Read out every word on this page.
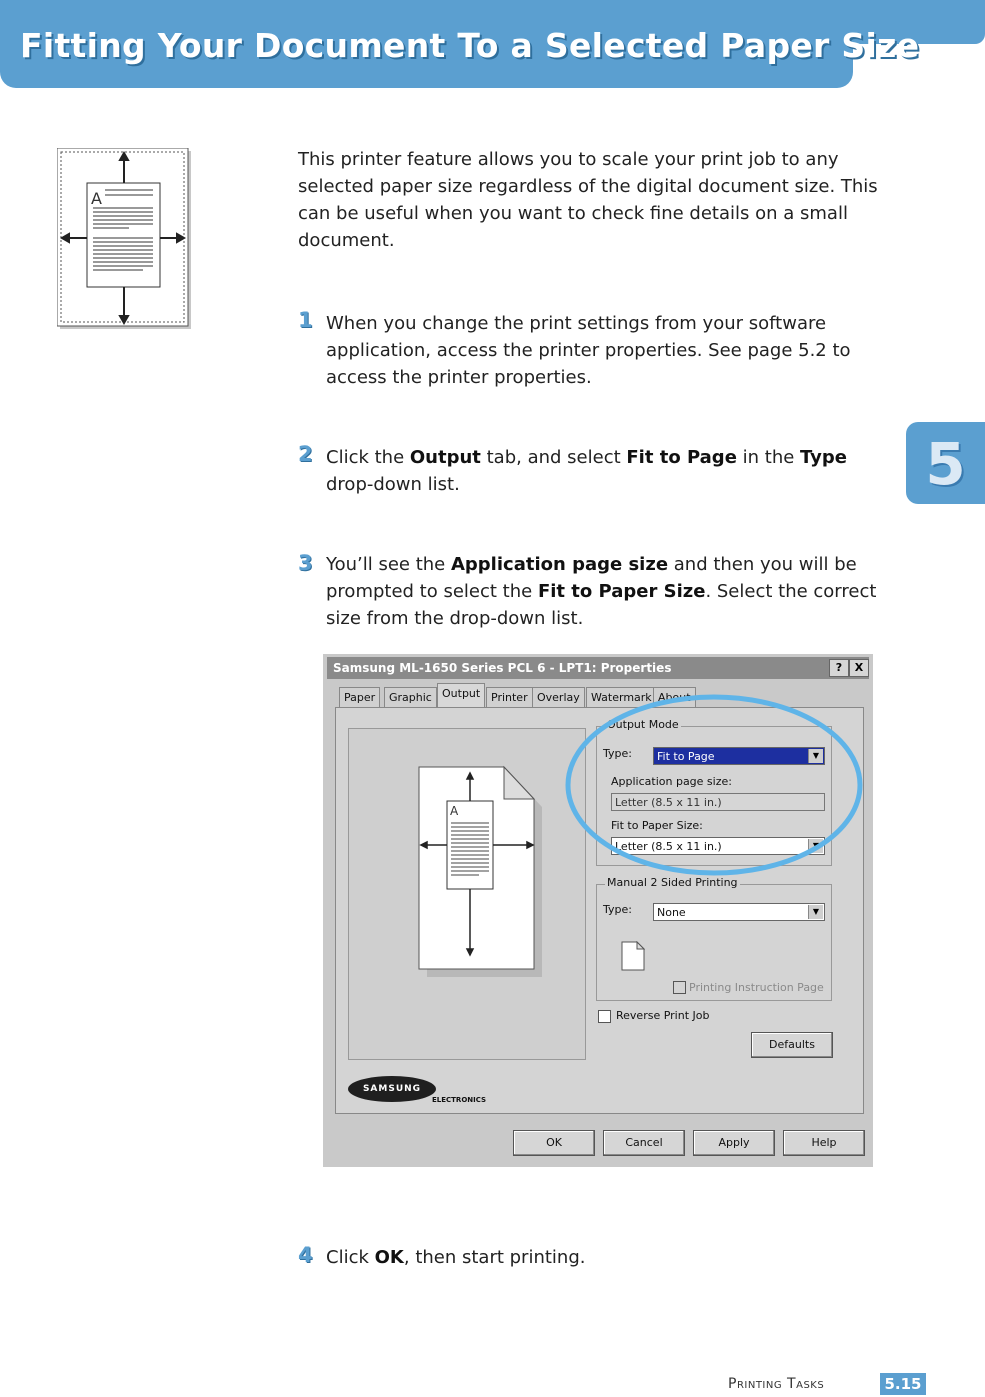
Fitting Your Document To a Selected Paper Size
5
A
This printer feature allows you to scale your print job to any selected paper size regardless of the digital document size. This can be useful when you want to check fine details on a small document.
1 When you change the print settings from your software application, access the printer properties. See page 5.2 to access the printer properties.
2 Click the Output tab, and select Fit to Page in the Type drop-down list.
3 You’ll see the Application page size and then you will be prompted to select the Fit to Paper Size. Select the correct size from the drop-down list.
Samsung ML-1650 Series PCL 6 - LPT1: Properties	?	X
Paper	Graphic Output Printer Overlay	Watermark About
A
Output Mode
Type:	Fit to Page	▼
Application page size:
Letter (8.5 x 11 in.)
Fit to Paper Size:
Letter (8.5 x 11 in.)	▼
Manual 2 Sided Printing
Type:	None	▼
Printing Instruction Page
Reverse Print Job
Defaults
SAMSUNG
ELECTRONICS
OK	Cancel	Apply	Help
4 Click OK, then start printing.
Printing Tasks	5.15
